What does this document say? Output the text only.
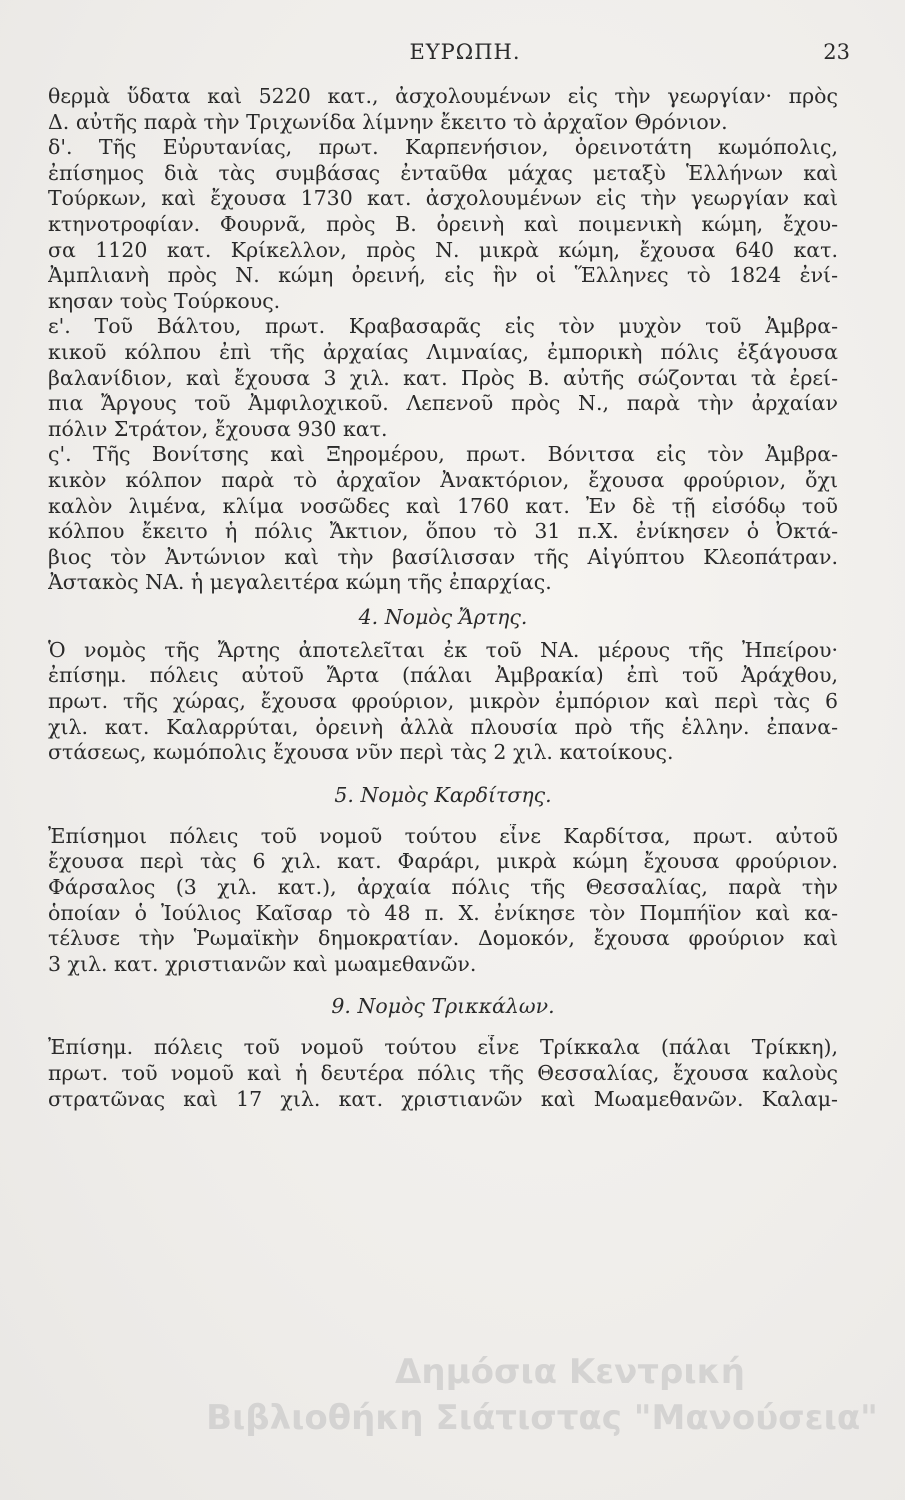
ΕΥΡΩΠΗ.	23
θερμὰ ὕδατα καὶ 5220 κατ., ἀσχολουμένων εἰς τὴν γεωργίαν· πρὸς
Δ. αὐτῆς παρὰ τὴν Τριχωνίδα λίμνην ἔκειτο τὸ ἀρχαῖον Θρόνιον.
δ'. Τῆς Εὐρυτανίας, πρωτ. Καρπενήσιον, ὀρεινοτάτη κωμόπολις,
ἐπίσημος διὰ τὰς συμβάσας ἐνταῦθα μάχας μεταξὺ Ἑλλήνων καὶ
Τούρκων, καὶ ἔχουσα 1730 κατ. ἀσχολουμένων εἰς τὴν γεωργίαν καὶ
κτηνοτροφίαν. Φουρνᾶ, πρὸς Β. ὀρεινὴ καὶ ποιμενικὴ κώμη, ἔχου-
σα 1120 κατ. Κρίκελλον, πρὸς Ν. μικρὰ κώμη, ἔχουσα 640 κατ.
Ἀμπλιανὴ πρὸς Ν. κώμη ὀρεινή, εἰς ἣν οἱ Ἕλληνες τὸ 1824 ἐνί-
κησαν τοὺς Τούρκους.
ε'. Τοῦ Βάλτου, πρωτ. Κραβασαρᾶς εἰς τὸν μυχὸν τοῦ Ἀμβρα-
κικοῦ κόλπου ἐπὶ τῆς ἀρχαίας Λιμναίας, ἐμπορικὴ πόλις ἐξάγουσα
βαλανίδιον, καὶ ἔχουσα 3 χιλ. κατ. Πρὸς Β. αὐτῆς σώζονται τὰ ἐρεί-
πια Ἄργους τοῦ Ἀμφιλοχικοῦ. Λεπενοῦ πρὸς Ν., παρὰ τὴν ἀρχαίαν
πόλιν Στράτον, ἔχουσα 930 κατ.
ς'. Τῆς Βονίτσης καὶ Ξηρομέρου, πρωτ. Βόνιτσα εἰς τὸν Ἀμβρα-
κικὸν κόλπον παρὰ τὸ ἀρχαῖον Ἀνακτόριον, ἔχουσα φρούριον, ὄχι
καλὸν λιμένα, κλίμα νοσῶδες καὶ 1760 κατ. Ἐν δὲ τῇ εἰσόδῳ τοῦ
κόλπου ἔκειτο ἡ πόλις Ἄκτιον, ὅπου τὸ 31 π.Χ. ἐνίκησεν ὁ Ὀκτά-
βιος τὸν Ἀντώνιον καὶ τὴν βασίλισσαν τῆς Αἰγύπτου Κλεοπάτραν.
Ἀστακὸς ΝΑ. ἡ μεγαλειτέρα κώμη τῆς ἐπαρχίας.
4. Νομὸς Ἄρτης.
Ὁ νομὸς τῆς Ἄρτης ἀποτελεῖται ἐκ τοῦ ΝΑ. μέρους τῆς Ἠπείρου·
ἐπίσημ. πόλεις αὐτοῦ Ἄρτα (πάλαι Ἀμβρακία) ἐπὶ τοῦ Ἀράχθου,
πρωτ. τῆς χώρας, ἔχουσα φρούριον, μικρὸν ἐμπόριον καὶ περὶ τὰς 6
χιλ. κατ. Καλαρρύται, ὀρεινὴ ἀλλὰ πλουσία πρὸ τῆς ἑλλην. ἐπανα-
στάσεως, κωμόπολις ἔχουσα νῦν περὶ τὰς 2 χιλ. κατοίκους.
5. Νομὸς Καρδίτσης.
Ἐπίσημοι πόλεις τοῦ νομοῦ τούτου εἶνε Καρδίτσα, πρωτ. αὐτοῦ
ἔχουσα περὶ τὰς 6 χιλ. κατ. Φαράρι, μικρὰ κώμη ἔχουσα φρούριον.
Φάρσαλος (3 χιλ. κατ.), ἀρχαία πόλις τῆς Θεσσαλίας, παρὰ τὴν
ὁποίαν ὁ Ἰούλιος Καῖσαρ τὸ 48 π. Χ. ἐνίκησε τὸν Πομπήϊον καὶ κα-
τέλυσε τὴν Ῥωμαϊκὴν δημοκρατίαν. Δομοκόν, ἔχουσα φρούριον καὶ
3 χιλ. κατ. χριστιανῶν καὶ μωαμεθανῶν.
9. Νομὸς Τρικκάλων.
Ἐπίσημ. πόλεις τοῦ νομοῦ τούτου εἶνε Τρίκκαλα (πάλαι Τρίκκη),
πρωτ. τοῦ νομοῦ καὶ ἡ δευτέρα πόλις τῆς Θεσσαλίας, ἔχουσα καλοὺς
στρατῶνας καὶ 17 χιλ. κατ. χριστιανῶν καὶ Μωαμεθανῶν. Καλαμ-
Δημόσια Κεντρική
Βιβλιοθήκη Σιάτιστας "Μανούσεια"
